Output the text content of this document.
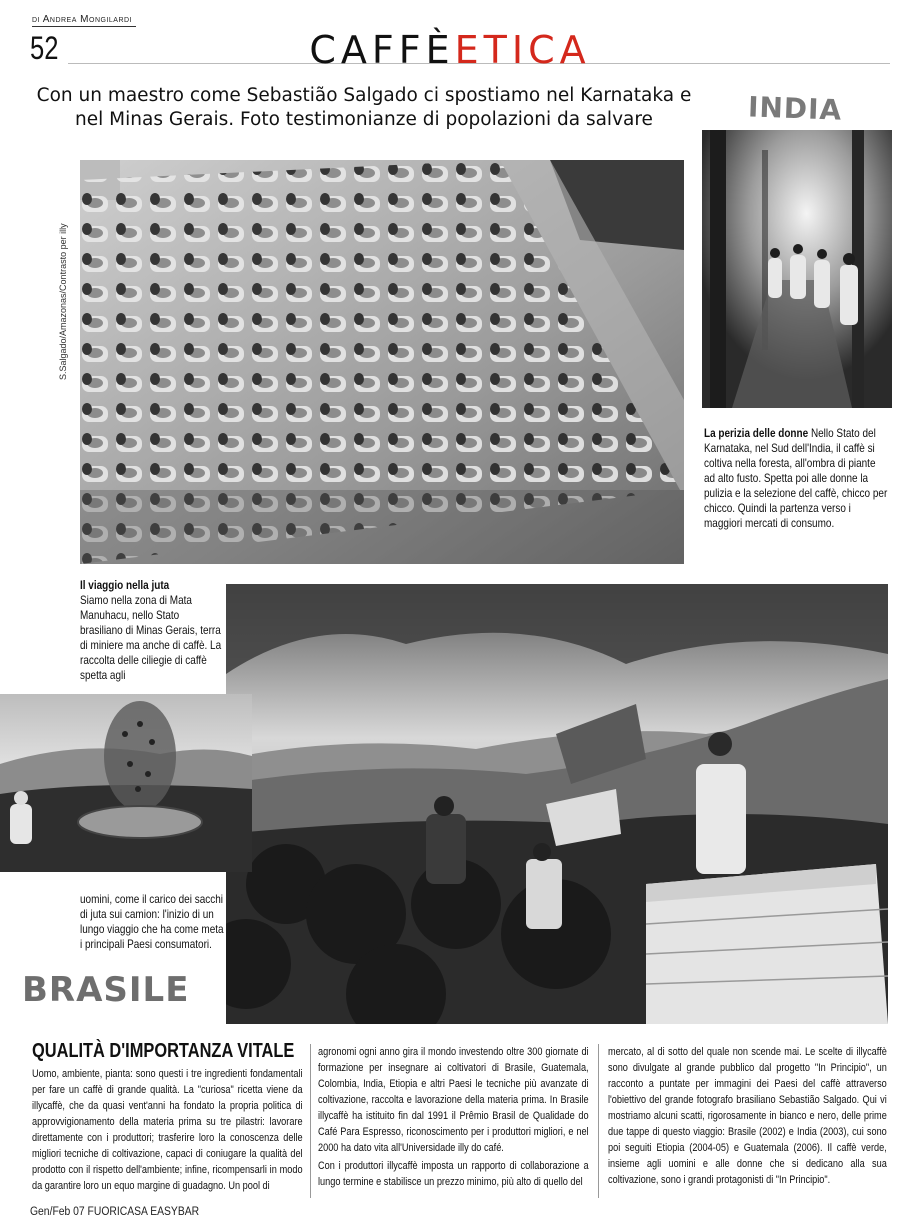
di Andrea Mongilardi
52	CAFFÈETICA
Con un maestro come Sebastião Salgado ci spostiamo nel Karnataka e
nel Minas Gerais. Foto testimonianze di popolazioni da salvare
S.Salgado/Amazonas/Contrasto per illy
INDIA
La perizia delle donne Nello Stato del Karnataka, nel Sud dell'India, il caffè si coltiva nella foresta, all'ombra di piante ad alto fusto. Spetta poi alle donne la pulizia e la selezione del caffè, chicco per chicco. Quindi la partenza verso i maggiori mercati di consumo.
Il viaggio nella juta
Siamo nella zona di Mata Manuhacu, nello Stato brasiliano di Minas Gerais, terra di miniere ma anche di caffè. La raccolta delle ciliegie di caffè spetta agli
uomini, come il carico dei sacchi di juta sui camion: l'inizio di un lungo viaggio che ha come meta i principali Paesi consumatori.
BRASILE
QUALITÀ D'IMPORTANZA VITALE

Uomo, ambiente, pianta: sono questi i tre ingredienti fondamentali per fare un caffè di grande qualità. La "curiosa" ricetta viene da illycaffè, che da quasi vent'anni ha fondato la propria politica di approvvigionamento della materia prima su tre pilastri: lavorare direttamente con i produttori; trasferire loro la conoscenza delle migliori tecniche di coltivazione, capaci di coniugare la qualità del prodotto con il rispetto dell'ambiente; infine, ricompensarli in modo da garantire loro un equo margine di guadagno. Un pool di

agronomi ogni anno gira il mondo investendo oltre 300 giornate di formazione per insegnare ai coltivatori di Brasile, Guatemala, Colombia, India, Etiopia e altri Paesi le tecniche più avanzate di coltivazione, raccolta e lavorazione della materia prima. In Brasile illycaffè ha istituito fin dal 1991 il Prêmio Brasil de Qualidade do Café Para Espresso, riconoscimento per i produttori migliori, e nel 2000 ha dato vita all'Universidade illy do café.

Con i produttori illycaffè imposta un rapporto di collaborazione a lungo termine e stabilisce un prezzo minimo, più alto di quello del

mercato, al di sotto del quale non scende mai. Le scelte di illycaffè sono divulgate al grande pubblico dal progetto "In Principio", un racconto a puntate per immagini dei Paesi del caffè attraverso l'obiettivo del grande fotografo brasiliano Sebastião Salgado. Qui vi mostriamo alcuni scatti, rigorosamente in bianco e nero, delle prime due tappe di questo viaggio: Brasile (2002) e India (2003), cui sono poi seguiti Etiopia (2004-05) e Guatemala (2006). Il caffè verde, insieme agli uomini e alle donne che si dedicano alla sua coltivazione, sono i grandi protagonisti di "In Principio".

Gen/Feb 07 FUORICASA EASYBAR
